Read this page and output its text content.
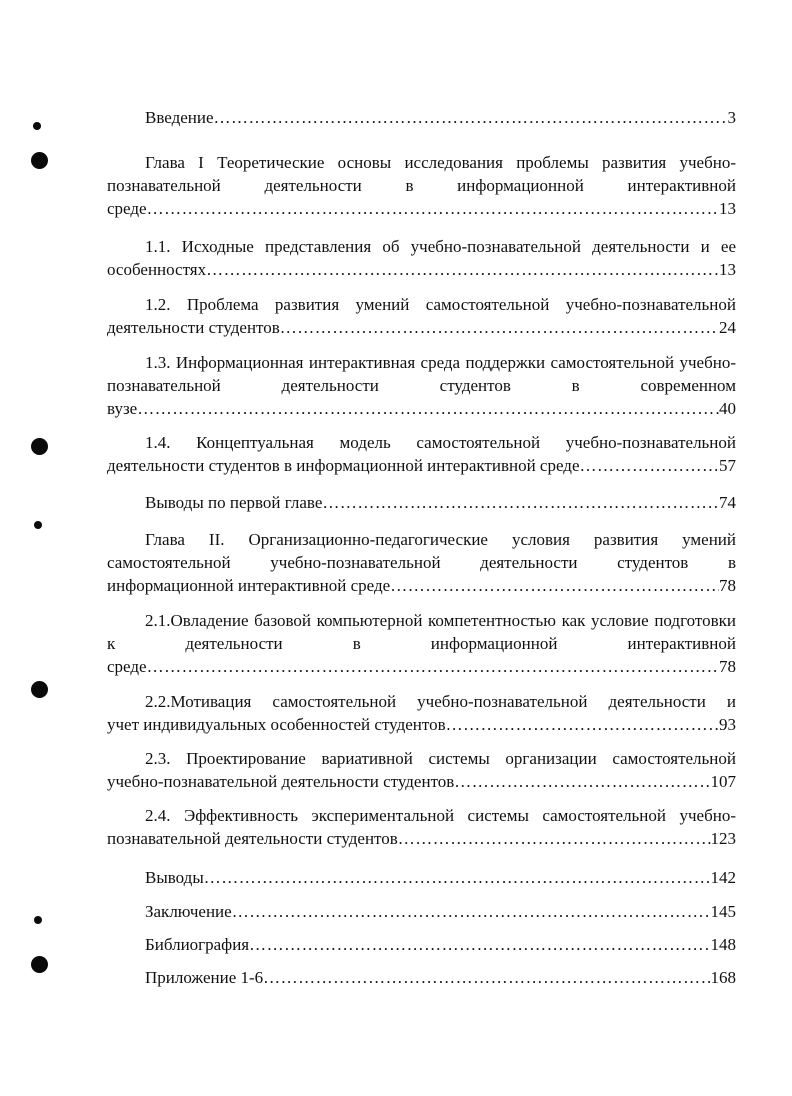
Введение …………………………………………………………………………………………………………………………………………………	3
Глава I Теоретические основы исследования проблемы развития учебно-познавательной деятельности в информационной интерактивной
среде …………………………………………………………………………………………………………………………………………………	13
1.1. Исходные представления об учебно-познавательной деятельности и ее
особенностях …………………………………………………………………………………………………………………………………………………	13
1.2. Проблема развития умений самостоятельной учебно-познавательной
деятельности студентов …………………………………………………………………………………………………………………………………………………	24
1.3. Информационная интерактивная среда поддержки самостоятельной учебно-познавательной деятельности студентов в современном
вузе …………………………………………………………………………………………………………………………………………………	40
1.4. Концептуальная модель самостоятельной учебно-познавательной
деятельности студентов в информационной интерактивной среде …………………………………………………………………………………………………………………………………………………	57
Выводы по первой главе …………………………………………………………………………………………………………………………………………………	74
Глава II. Организационно-педагогические условия развития умений самостоятельной учебно-познавательной деятельности студентов в
информационной интерактивной среде …………………………………………………………………………………………………………………………………………………	78
2.1.Овладение базовой компьютерной компетентностью как условие подготовки к деятельности в информационной интерактивной
среде …………………………………………………………………………………………………………………………………………………	78
2.2.Мотивация самостоятельной учебно-познавательной деятельности и
учет индивидуальных особенностей студентов …………………………………………………………………………………………………………………………………………………	93
2.3. Проектирование вариативной системы организации самостоятельной
учебно-познавательной деятельности студентов …………………………………………………………………………………………………………………………………………………	107
2.4. Эффективность экспериментальной системы самостоятельной учебно-
познавательной деятельности студентов …………………………………………………………………………………………………………………………………………………	123
Выводы …………………………………………………………………………………………………………………………………………………	142
Заключение …………………………………………………………………………………………………………………………………………………	145
Библиография …………………………………………………………………………………………………………………………………………………	148
Приложение 1-6 …………………………………………………………………………………………………………………………………………………	168
